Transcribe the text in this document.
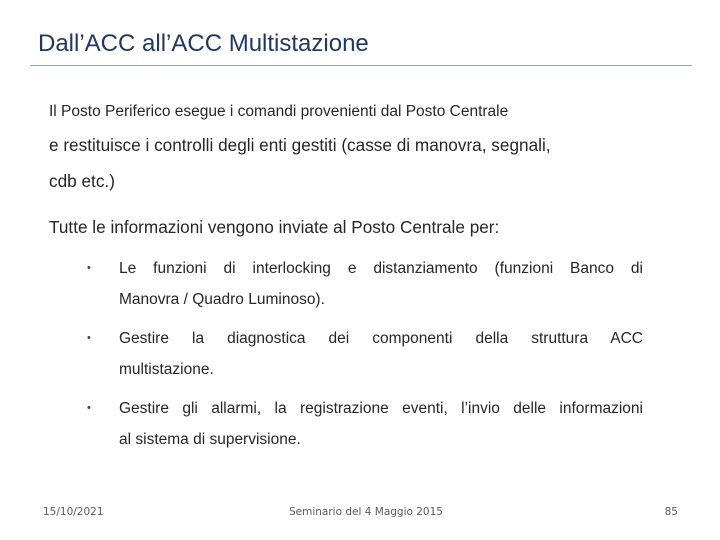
Dall’ACC all’ACC Multistazione
Il Posto Periferico esegue i comandi provenienti dal Posto Centrale
e restituisce i controlli degli enti gestiti (casse di manovra, segnali,
cdb etc.)
Tutte le informazioni vengono inviate al Posto Centrale per:
• Le funzioni di interlocking e distanziamento (funzioni Banco di
Manovra / Quadro Luminoso).
• Gestire la diagnostica dei componenti della struttura ACC
multistazione.
• Gestire gli allarmi, la registrazione eventi, l’invio delle informazioni
al sistema di supervisione.
15/10/2021	Seminario del 4 Maggio 2015	85
